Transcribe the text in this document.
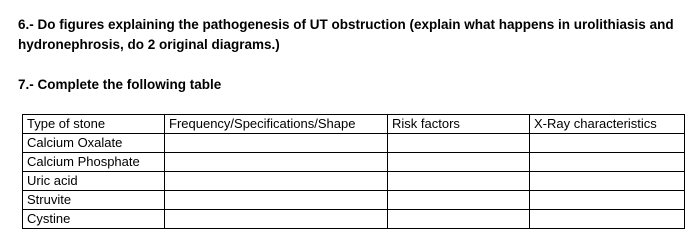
6.- Do figures explaining the pathogenesis of UT obstruction (explain what happens in urolithiasis and hydronephrosis, do 2 original diagrams.)
7.- Complete the following table
Type of stone	Frequency/Specifications/Shape	Risk factors	X-Ray characteristics
Calcium Oxalate			
Calcium Phosphate			
Uric acid			
Struvite			
Cystine			
